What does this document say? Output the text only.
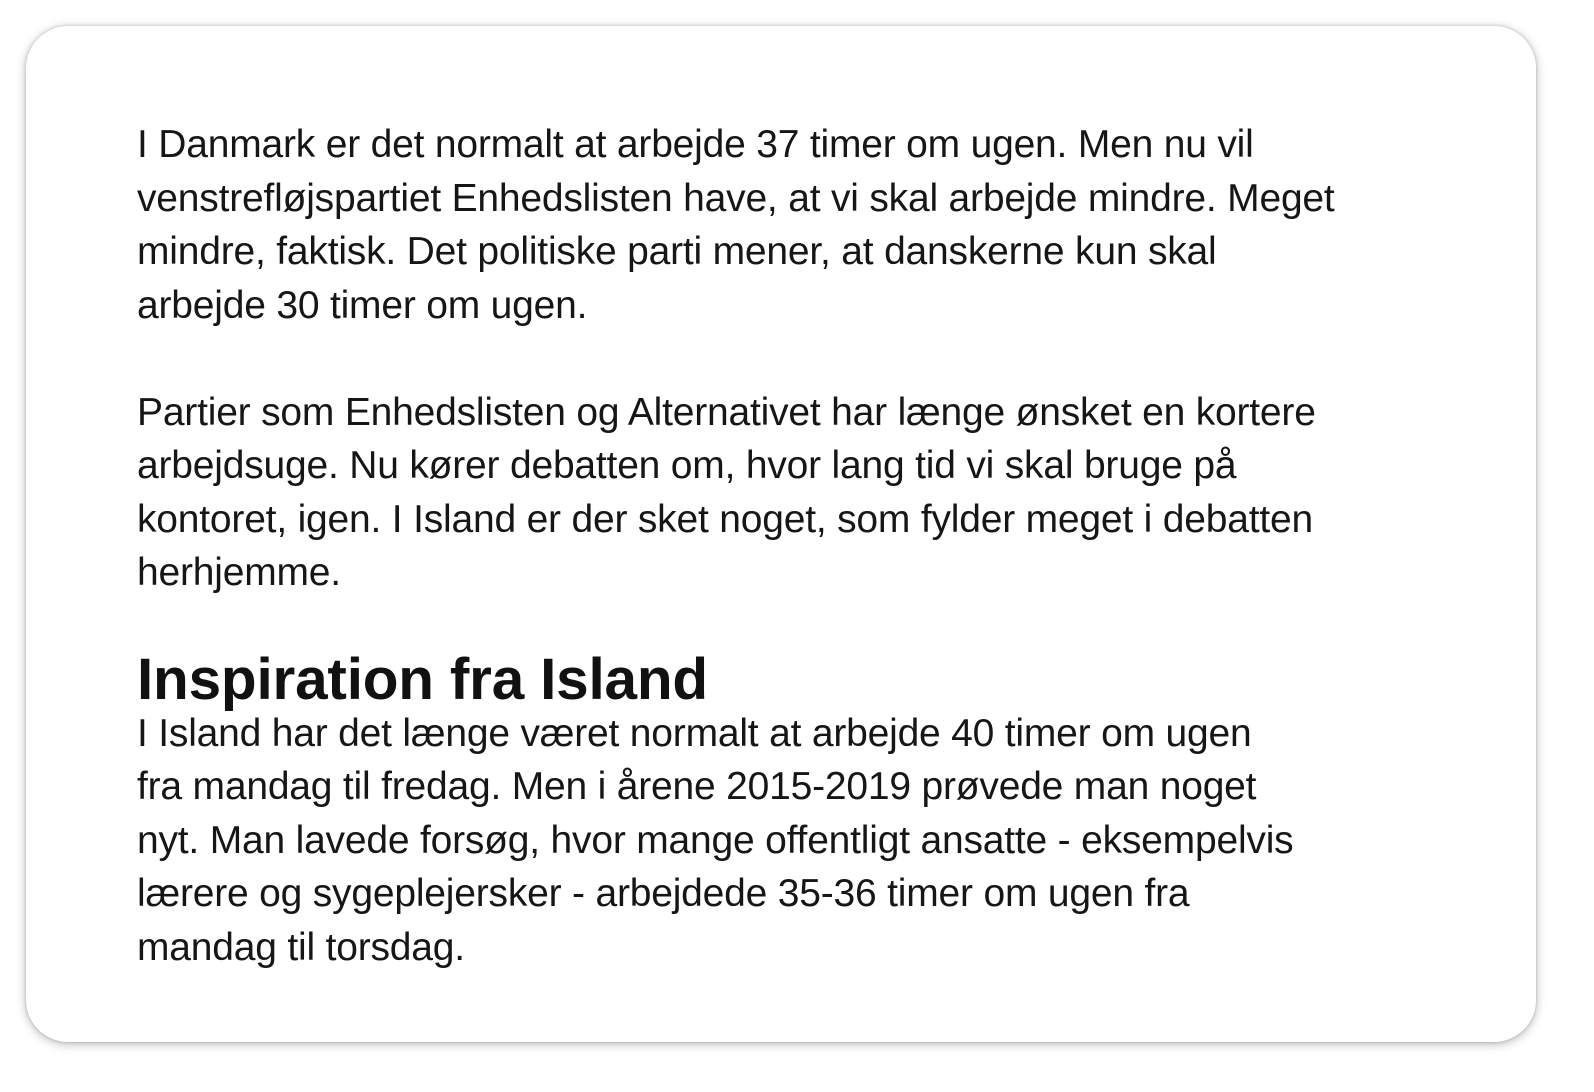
I Danmark er det normalt at arbejde 37 timer om ugen. Men nu vil
venstrefløjspartiet Enhedslisten have, at vi skal arbejde mindre. Meget
mindre, faktisk. Det politiske parti mener, at danskerne kun skal
arbejde 30 timer om ugen.

Partier som Enhedslisten og Alternativet har længe ønsket en kortere
arbejdsuge. Nu kører debatten om, hvor lang tid vi skal bruge på
kontoret, igen. I Island er der sket noget, som fylder meget i debatten
herhjemme.

Inspiration fra Island

I Island har det længe været normalt at arbejde 40 timer om ugen
fra mandag til fredag. Men i årene 2015-2019 prøvede man noget
nyt. Man lavede forsøg, hvor mange offentligt ansatte - eksempelvis
lærere og sygeplejersker - arbejdede 35-36 timer om ugen fra
mandag til torsdag.
